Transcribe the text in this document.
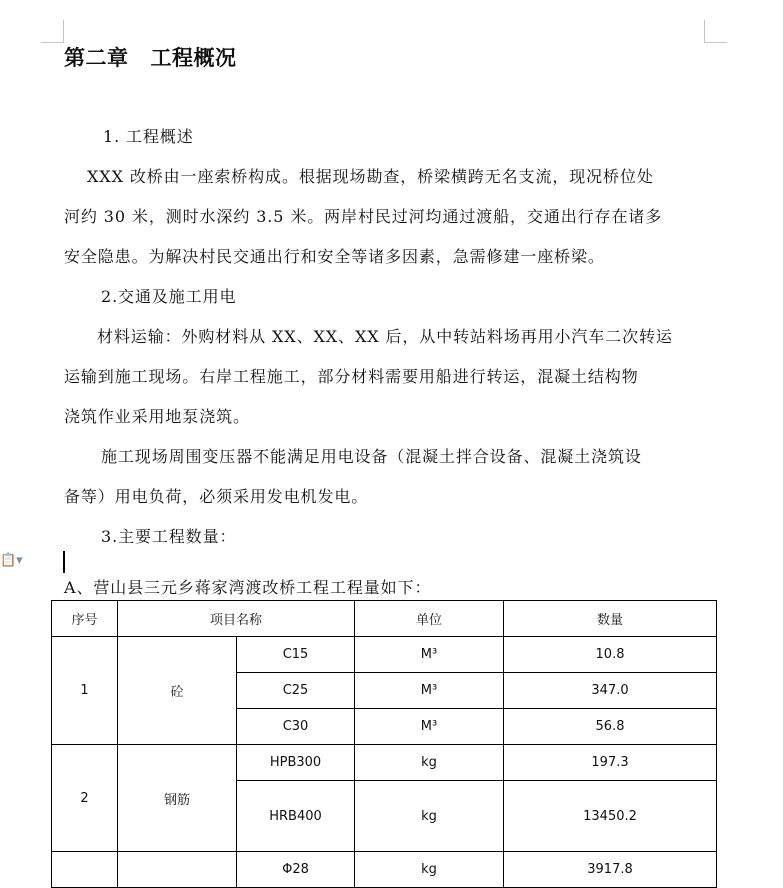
第二章 工程概况

1. 工程概述

XXX 改桥由一座索桥构成。根据现场勘查，桥梁横跨无名支流，现况桥位处

河约 30 米，测时水深约 3.5 米。两岸村民过河均通过渡船，交通出行存在诸多

安全隐患。为解决村民交通出行和安全等诸多因素，急需修建一座桥梁。

2.交通及施工用电

材料运输：外购材料从 XX、XX、XX 后，从中转站料场再用小汽车二次转运

运输到施工现场。右岸工程施工，部分材料需要用船进行转运，混凝土结构物

浇筑作业采用地泵浇筑。

施工现场周围变压器不能满足用电设备（混凝土拌合设备、混凝土浇筑设

备等）用电负荷，必须采用发电机发电。

3.主要工程数量：

📋▾

A、营山县三元乡蒋家湾渡改桥工程工程量如下：

序号	项目名称		单位	数量
1	砼	C15	M³	10.8
		C25	M³	347.0
		C30	M³	56.8
2	钢筋	HPB300	kg	197.3
		HRB400	kg	13450.2

		Φ28	kg	3917.8
